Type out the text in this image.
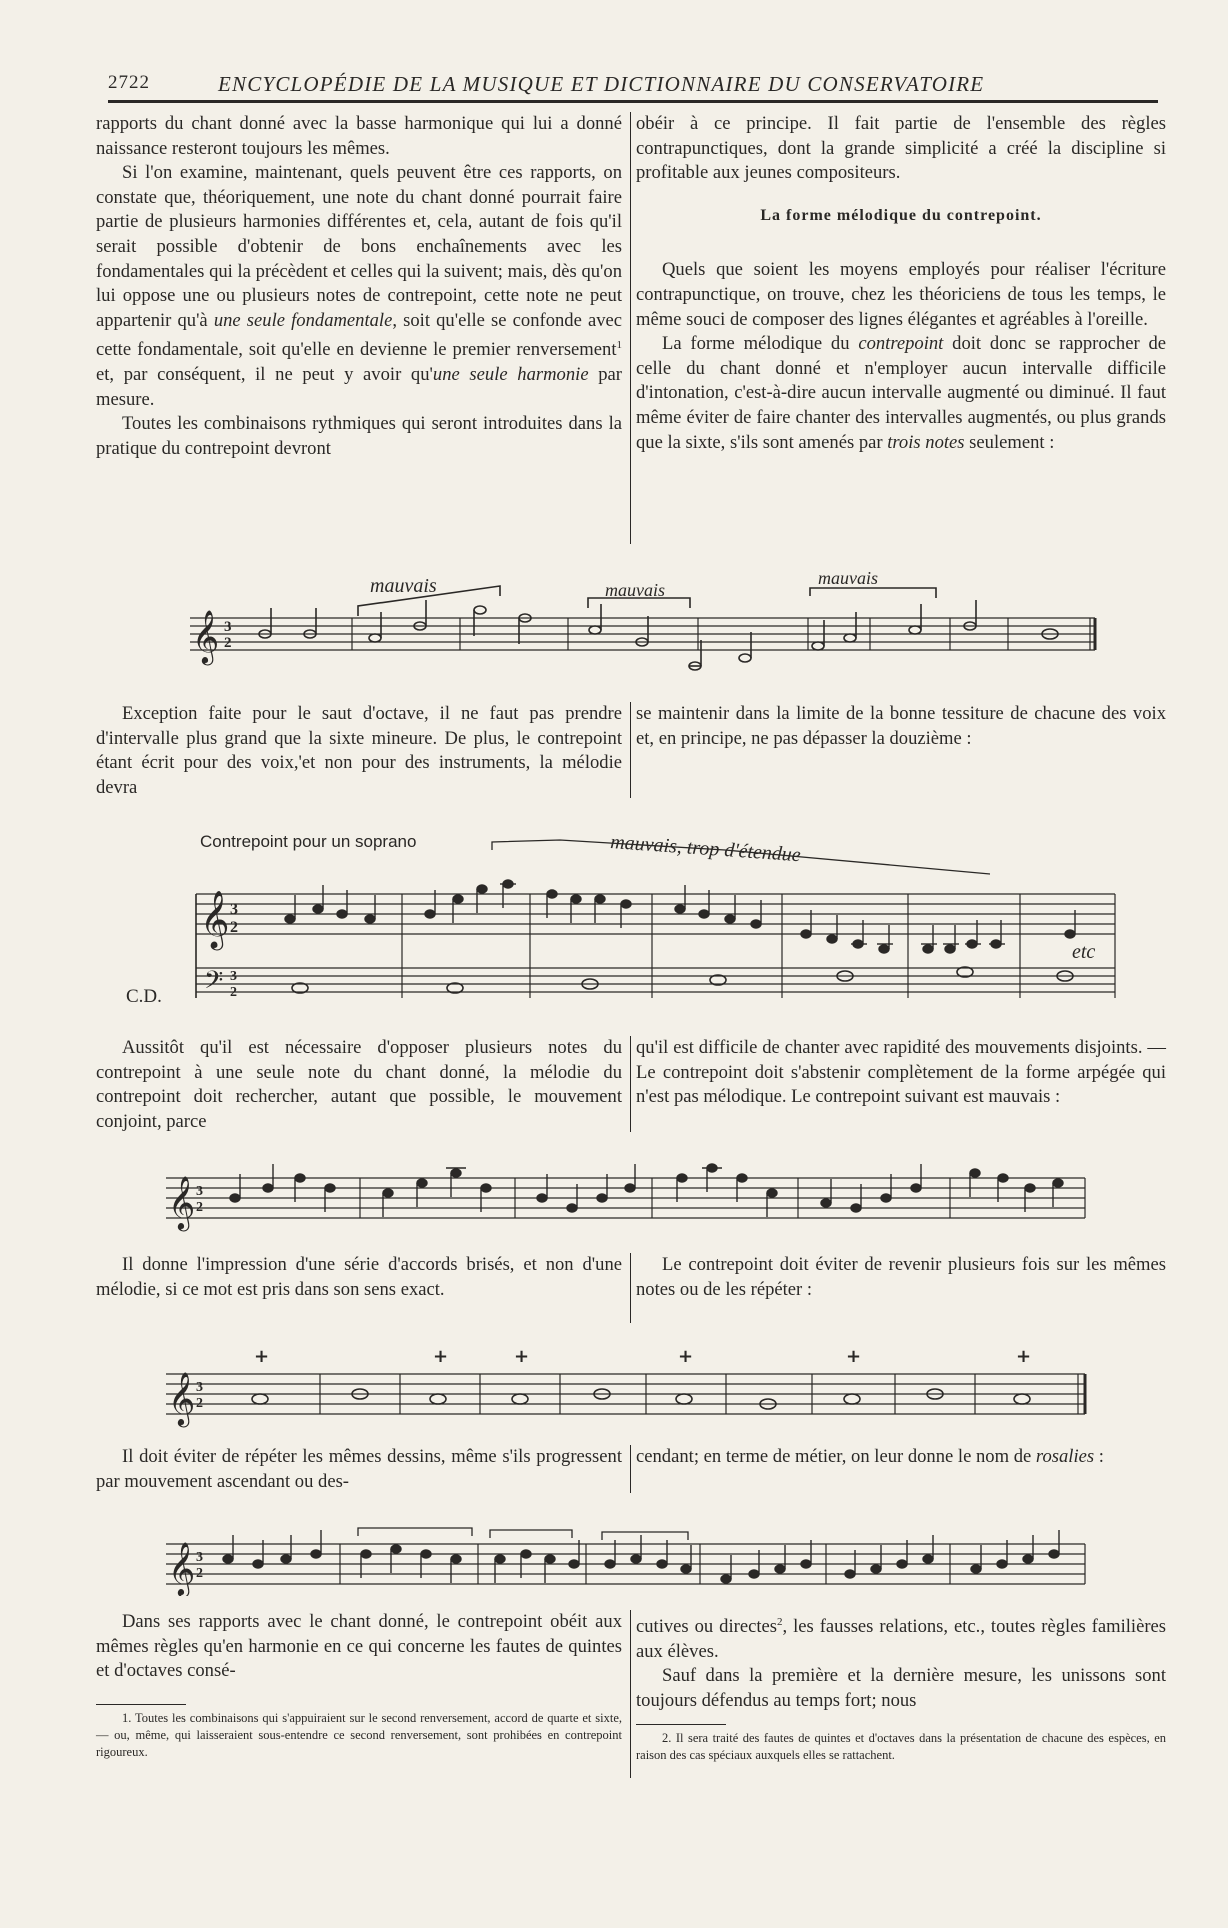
2722	ENCYCLOPÉDIE DE LA MUSIQUE ET DICTIONNAIRE DU CONSERVATOIRE

rapports du chant donné avec la basse harmonique qui lui a donné naissance resteront toujours les mêmes.

Si l'on examine, maintenant, quels peuvent être ces rapports, on constate que, théoriquement, une note du chant donné pourrait faire partie de plusieurs harmonies différentes et, cela, autant de fois qu'il serait possible d'obtenir de bons enchaînements avec les fondamentales qui la précèdent et celles qui la suivent; mais, dès qu'on lui oppose une ou plusieurs notes de contrepoint, cette note ne peut appartenir qu'à une seule fondamentale, soit qu'elle se confonde avec cette fondamentale, soit qu'elle en devienne le premier renversement$^1$ et, par conséquent, il ne peut y avoir qu'une seule harmonie par mesure.

Toutes les combinaisons rythmiques qui seront introduites dans la pratique du contrepoint devront

obéir à ce principe. Il fait partie de l'ensemble des règles contrapunctiques, dont la grande simplicité a créé la discipline si profitable aux jeunes compositeurs.

La forme mélodique du contrepoint.

Quels que soient les moyens employés pour réaliser l'écriture contrapunctique, on trouve, chez les théoriciens de tous les temps, le même souci de composer des lignes élégantes et agréables à l'oreille.

La forme mélodique du contrepoint doit donc se rapprocher de celle du chant donné et n'employer aucun intervalle difficile d'intonation, c'est-à-dire aucun intervalle augmenté ou diminué. Il faut même éviter de faire chanter des intervalles augmentés, ou plus grands que la sixte, s'ils sont amenés par trois notes seulement :

𝄞 3
2
mauvais	mauvais
mauvais

Exception faite pour le saut d'octave, il ne faut pas prendre d'intervalle plus grand que la sixte mineure. De plus, le contrepoint étant écrit pour des voix,'et non pour des instruments, la mélodie devra

se maintenir dans la limite de la bonne tessiture de chacune des voix et, en principe, ne pas dépasser la douzième :

Contrepoint pour un soprano	mauvais, trop d'étendue
𝄞 3
2
𝄢 3
2
etc
C.D.

Aussitôt qu'il est nécessaire d'opposer plusieurs notes du contrepoint à une seule note du chant donné, la mélodie du contrepoint doit rechercher, autant que possible, le mouvement conjoint, parce

qu'il est difficile de chanter avec rapidité des mouvements disjoints. — Le contrepoint doit s'abstenir complètement de la forme arpégée qui n'est pas mélodique. Le contrepoint suivant est mauvais :

𝄞 3
2

Il donne l'impression d'une série d'accords brisés, et non d'une mélodie, si ce mot est pris dans son sens exact.

Le contrepoint doit éviter de revenir plusieurs fois sur les mêmes notes ou de les répéter :

𝄞 3
2
+	+	+	+	+	+

Il doit éviter de répéter les mêmes dessins, même s'ils progressent par mouvement ascendant ou des-

cendant; en terme de métier, on leur donne le nom de rosalies :

𝄞 3
2

Dans ses rapports avec le chant donné, le contrepoint obéit aux mêmes règles qu'en harmonie en ce qui concerne les fautes de quintes et d'octaves consé-

cutives ou directes$^2$, les fausses relations, etc., toutes règles familières aux élèves.

Sauf dans la première et la dernière mesure, les unissons sont toujours défendus au temps fort; nous

1. Toutes les combinaisons qui s'appuiraient sur le second renversement, accord de quarte et sixte, — ou, même, qui laisseraient sous-entendre ce second renversement, sont prohibées en contrepoint rigoureux.

2. Il sera traité des fautes de quintes et d'octaves dans la présentation de chacune des espèces, en raison des cas spéciaux auxquels elles se rattachent.
